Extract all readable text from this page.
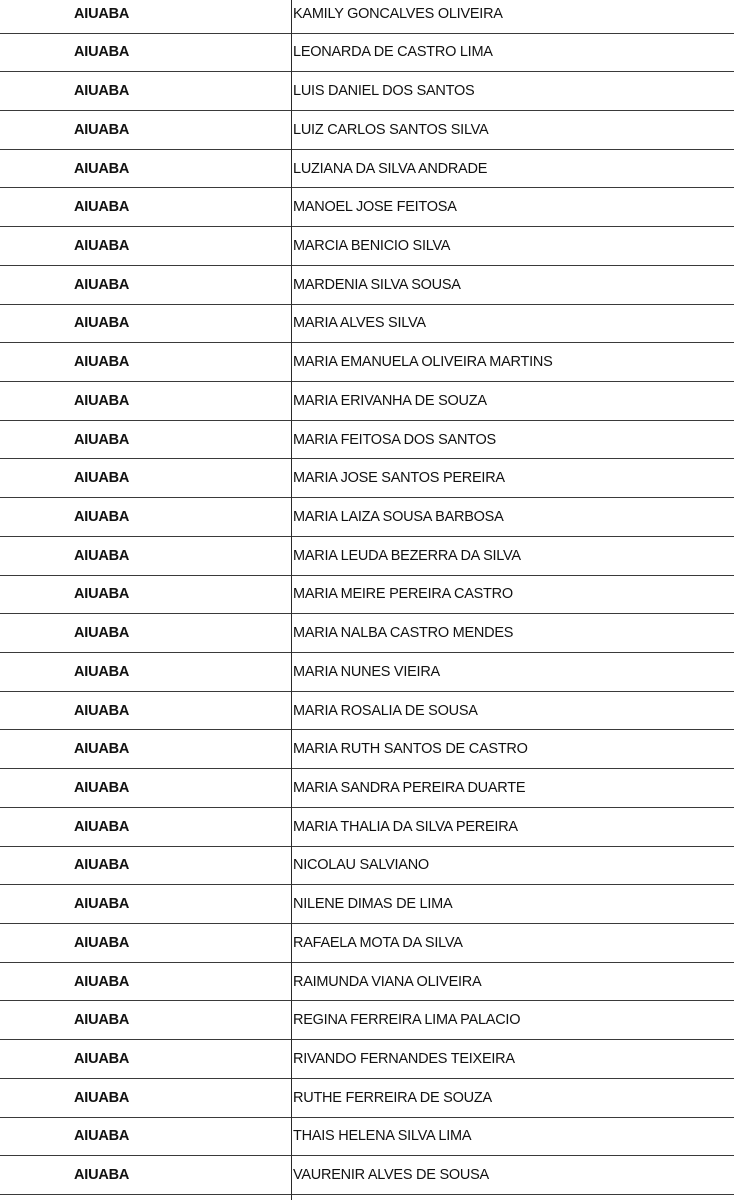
AIUABA	KAMILY GONCALVES OLIVEIRA
AIUABA	LEONARDA DE CASTRO LIMA
AIUABA	LUIS DANIEL DOS SANTOS
AIUABA	LUIZ CARLOS SANTOS SILVA
AIUABA	LUZIANA DA SILVA ANDRADE
AIUABA	MANOEL JOSE FEITOSA
AIUABA	MARCIA BENICIO SILVA
AIUABA	MARDENIA SILVA SOUSA
AIUABA	MARIA ALVES SILVA
AIUABA	MARIA EMANUELA OLIVEIRA MARTINS
AIUABA	MARIA ERIVANHA DE SOUZA
AIUABA	MARIA FEITOSA DOS SANTOS
AIUABA	MARIA JOSE SANTOS PEREIRA
AIUABA	MARIA LAIZA SOUSA BARBOSA
AIUABA	MARIA LEUDA BEZERRA DA SILVA
AIUABA	MARIA MEIRE PEREIRA CASTRO
AIUABA	MARIA NALBA CASTRO MENDES
AIUABA	MARIA NUNES VIEIRA
AIUABA	MARIA ROSALIA DE SOUSA
AIUABA	MARIA RUTH SANTOS DE CASTRO
AIUABA	MARIA SANDRA PEREIRA DUARTE
AIUABA	MARIA THALIA DA SILVA PEREIRA
AIUABA	NICOLAU SALVIANO
AIUABA	NILENE DIMAS DE LIMA
AIUABA	RAFAELA MOTA DA SILVA
AIUABA	RAIMUNDA VIANA OLIVEIRA
AIUABA	REGINA FERREIRA LIMA PALACIO
AIUABA	RIVANDO FERNANDES TEIXEIRA
AIUABA	RUTHE FERREIRA DE SOUZA
AIUABA	THAIS HELENA SILVA LIMA
AIUABA	VAURENIR ALVES DE SOUSA
